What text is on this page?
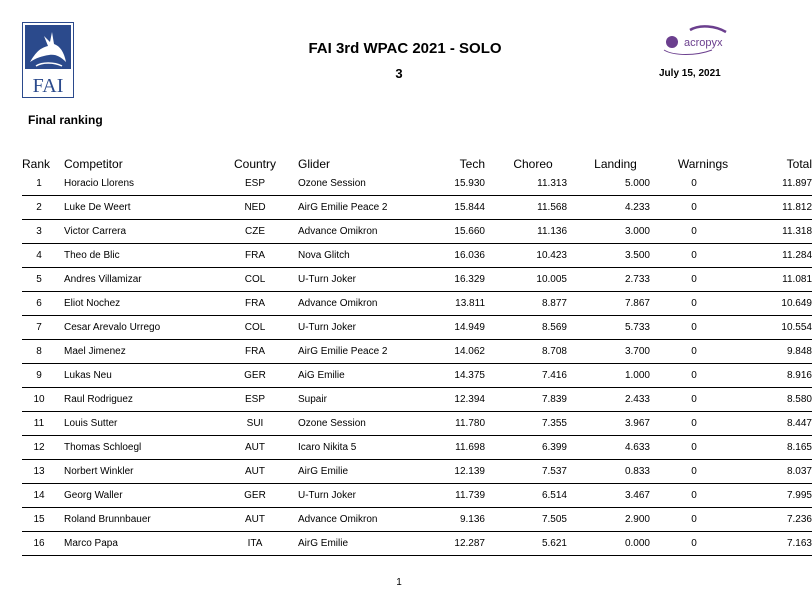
FAI
acropyx
FAI 3rd WPAC 2021 - SOLO
3	July 15, 2021
Final ranking
Rank	Competitor	Country	Glider	Tech	Choreo	Landing	Warnings	Total
1	Horacio Llorens	ESP	Ozone Session	15.930	11.313	5.000	0	11.897
2	Luke De Weert	NED	AirG Emilie Peace 2	15.844	11.568	4.233	0	11.812
3	Victor Carrera	CZE	Advance Omikron	15.660	11.136	3.000	0	11.318
4	Theo de Blic	FRA	Nova Glitch	16.036	10.423	3.500	0	11.284
5	Andres Villamizar	COL	U-Turn Joker	16.329	10.005	2.733	0	11.081
6	Eliot Nochez	FRA	Advance Omikron	13.811	8.877	7.867	0	10.649
7	Cesar Arevalo Urrego	COL	U-Turn Joker	14.949	8.569	5.733	0	10.554
8	Mael Jimenez	FRA	AirG Emilie Peace 2	14.062	8.708	3.700	0	9.848
9	Lukas Neu	GER	AiG Emilie	14.375	7.416	1.000	0	8.916
10	Raul Rodriguez	ESP	Supair	12.394	7.839	2.433	0	8.580
11	Louis Sutter	SUI	Ozone Session	11.780	7.355	3.967	0	8.447
12	Thomas Schloegl	AUT	Icaro Nikita 5	11.698	6.399	4.633	0	8.165
13	Norbert Winkler	AUT	AirG Emilie	12.139	7.537	0.833	0	8.037
14	Georg Waller	GER	U-Turn Joker	11.739	6.514	3.467	0	7.995
15	Roland Brunnbauer	AUT	Advance Omikron	9.136	7.505	2.900	0	7.236
16	Marco Papa	ITA	AirG Emilie	12.287	5.621	0.000	0	7.163
1
